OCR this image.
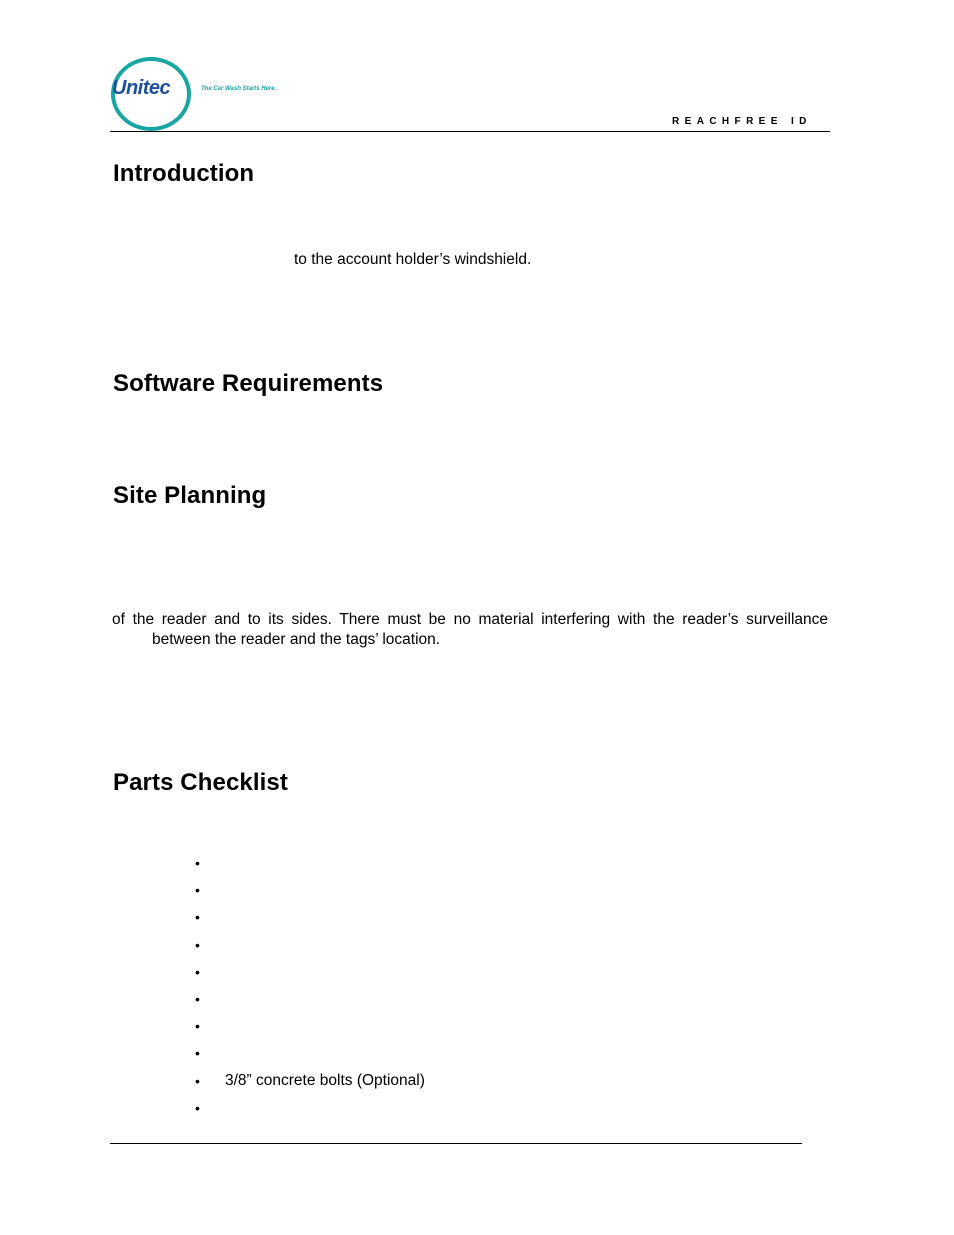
Unitec	The Car Wash Starts Here.
REACHFREE ID
Introduction

to the account holder’s windshield.

Software Requirements
Site Planning

of the reader and to its sides. There must be no material interfering with the reader’s surveillance

between the reader and the tags’ location.

Parts Checklist
•
•
•
•
•
•
•
•
•	3/8” concrete bolts (Optional)
•
